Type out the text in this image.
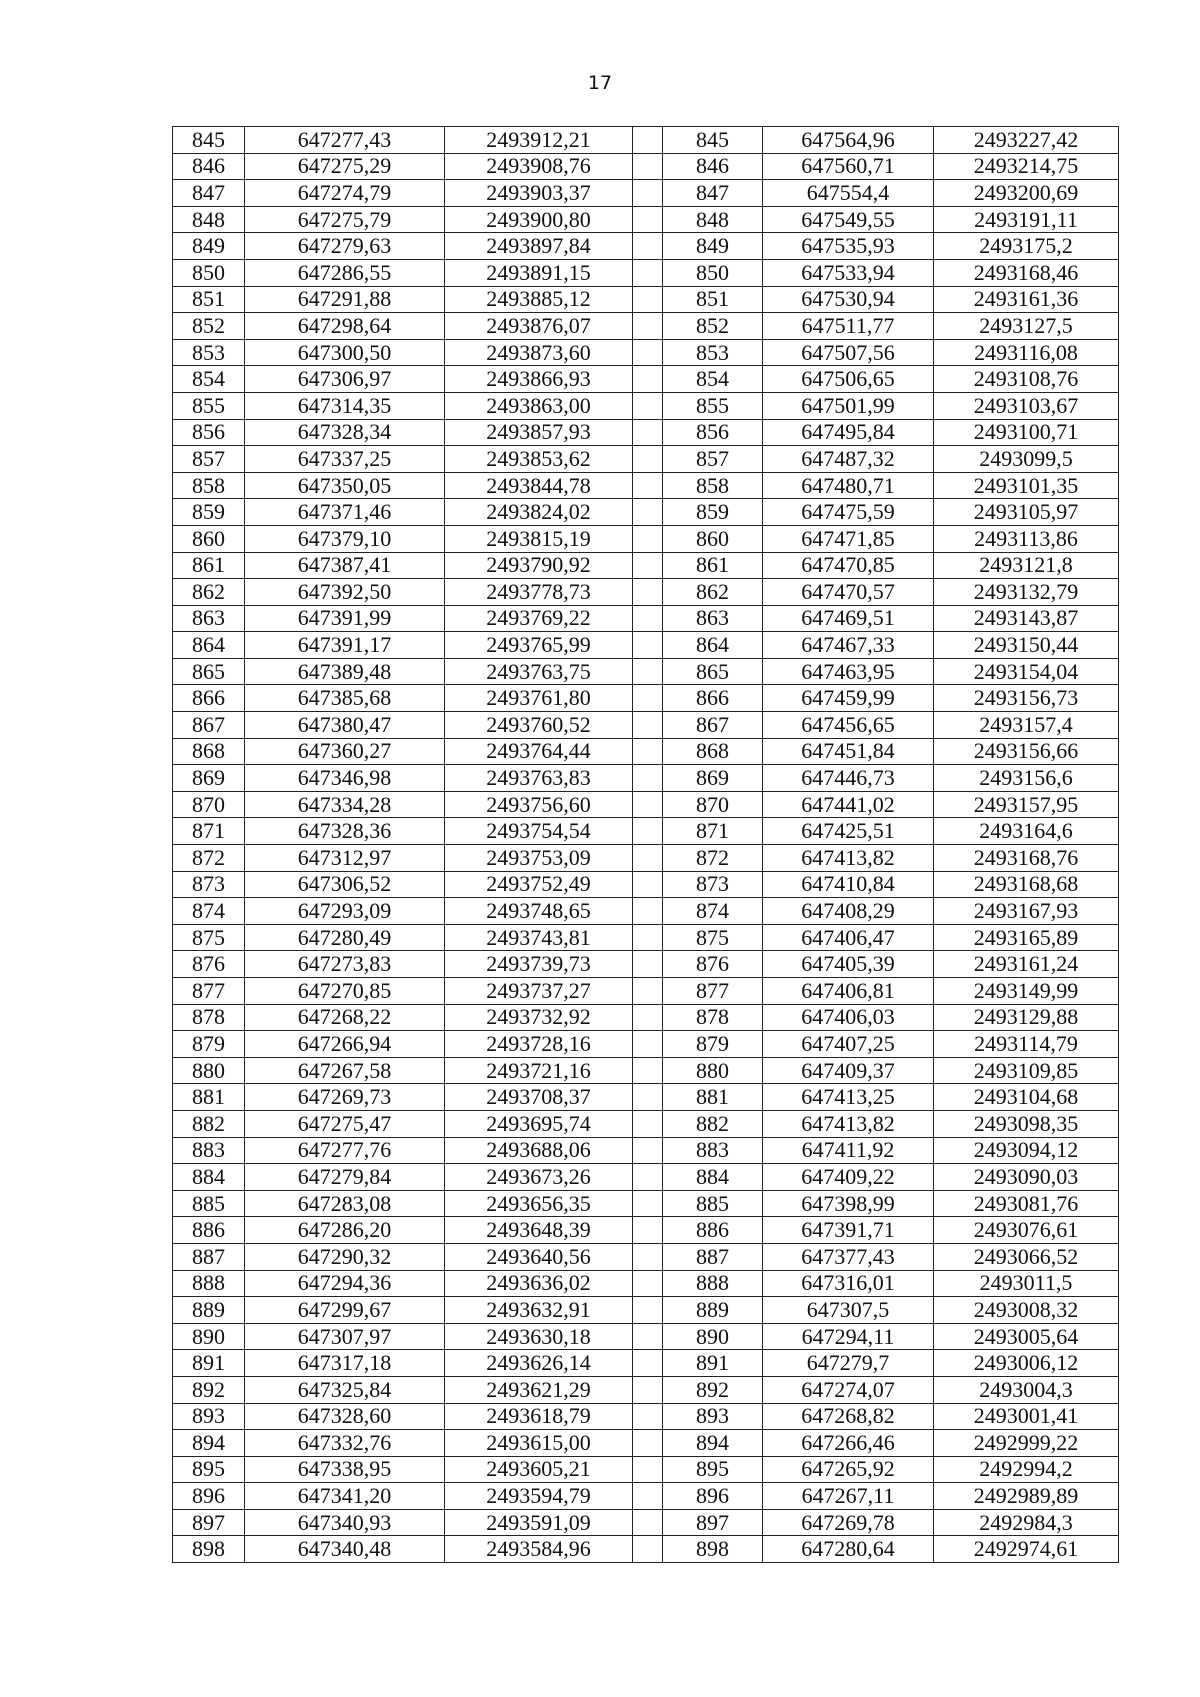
17
845	647277,43	2493912,21		845	647564,96	2493227,42
846	647275,29	2493908,76		846	647560,71	2493214,75
847	647274,79	2493903,37		847	647554,4	2493200,69
848	647275,79	2493900,80		848	647549,55	2493191,11
849	647279,63	2493897,84		849	647535,93	2493175,2
850	647286,55	2493891,15		850	647533,94	2493168,46
851	647291,88	2493885,12		851	647530,94	2493161,36
852	647298,64	2493876,07		852	647511,77	2493127,5
853	647300,50	2493873,60		853	647507,56	2493116,08
854	647306,97	2493866,93		854	647506,65	2493108,76
855	647314,35	2493863,00		855	647501,99	2493103,67
856	647328,34	2493857,93		856	647495,84	2493100,71
857	647337,25	2493853,62		857	647487,32	2493099,5
858	647350,05	2493844,78		858	647480,71	2493101,35
859	647371,46	2493824,02		859	647475,59	2493105,97
860	647379,10	2493815,19		860	647471,85	2493113,86
861	647387,41	2493790,92		861	647470,85	2493121,8
862	647392,50	2493778,73		862	647470,57	2493132,79
863	647391,99	2493769,22		863	647469,51	2493143,87
864	647391,17	2493765,99		864	647467,33	2493150,44
865	647389,48	2493763,75		865	647463,95	2493154,04
866	647385,68	2493761,80		866	647459,99	2493156,73
867	647380,47	2493760,52		867	647456,65	2493157,4
868	647360,27	2493764,44		868	647451,84	2493156,66
869	647346,98	2493763,83		869	647446,73	2493156,6
870	647334,28	2493756,60		870	647441,02	2493157,95
871	647328,36	2493754,54		871	647425,51	2493164,6
872	647312,97	2493753,09		872	647413,82	2493168,76
873	647306,52	2493752,49		873	647410,84	2493168,68
874	647293,09	2493748,65		874	647408,29	2493167,93
875	647280,49	2493743,81		875	647406,47	2493165,89
876	647273,83	2493739,73		876	647405,39	2493161,24
877	647270,85	2493737,27		877	647406,81	2493149,99
878	647268,22	2493732,92		878	647406,03	2493129,88
879	647266,94	2493728,16		879	647407,25	2493114,79
880	647267,58	2493721,16		880	647409,37	2493109,85
881	647269,73	2493708,37		881	647413,25	2493104,68
882	647275,47	2493695,74		882	647413,82	2493098,35
883	647277,76	2493688,06		883	647411,92	2493094,12
884	647279,84	2493673,26		884	647409,22	2493090,03
885	647283,08	2493656,35		885	647398,99	2493081,76
886	647286,20	2493648,39		886	647391,71	2493076,61
887	647290,32	2493640,56		887	647377,43	2493066,52
888	647294,36	2493636,02		888	647316,01	2493011,5
889	647299,67	2493632,91		889	647307,5	2493008,32
890	647307,97	2493630,18		890	647294,11	2493005,64
891	647317,18	2493626,14		891	647279,7	2493006,12
892	647325,84	2493621,29		892	647274,07	2493004,3
893	647328,60	2493618,79		893	647268,82	2493001,41
894	647332,76	2493615,00		894	647266,46	2492999,22
895	647338,95	2493605,21		895	647265,92	2492994,2
896	647341,20	2493594,79		896	647267,11	2492989,89
897	647340,93	2493591,09		897	647269,78	2492984,3
898	647340,48	2493584,96		898	647280,64	2492974,61
